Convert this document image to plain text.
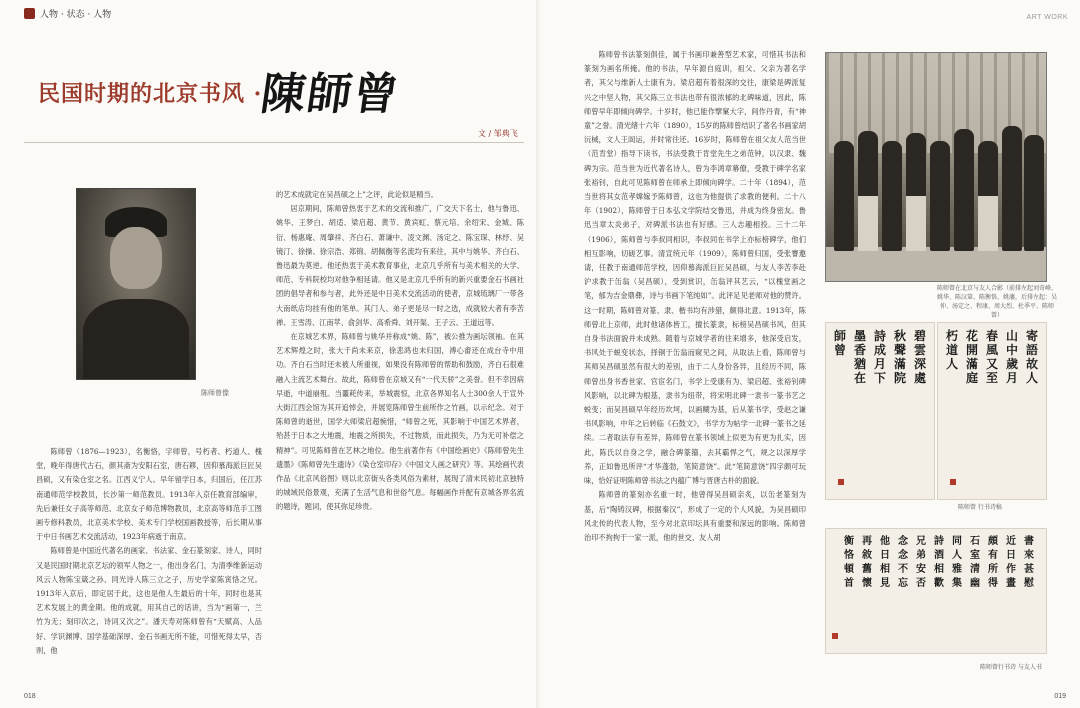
人物 · 状态 · 人物
民国时期的北京书风 ·
陳師曾
文 / 邹典飞
陈师曾像

陈师曾（1876—1923），名衡恪，字师曾，号朽者、朽道人、槐堂，晚年得唐代古石，颜其斋为安阳石室，唐石簃，因仰慕海派巨匠吴昌硕，又有染仓室之名。江西义宁人。早年留学日本，归国后，任江苏南通师范学校教员，长沙第一师范教员。1913年入京任教育部编审，先后兼任女子高等师范、北京女子师范博物教员，北京高等师范手工图画专修科教员，北京美术学校、美术专门学校国画教授等，后长期从事于中日书画艺术交流活动，1923年病逝于南京。

陈师曾是中国近代著名的画家、书法家、金石篆刻家、诗人，同时又是民国时期北京艺坛的领军人物之一，他出身名门，为清季维新运动风云人物陈宝箴之孙、同光诗人陈三立之子，历史学家陈寅恪之兄。1913年入京后，即定居于此，这也是他人生最后的十年，同时也是其艺术发展上的黄金期。他的成就，用其自己的话讲，当为“画第一，兰竹为无；刻印次之，诗词又次之”。潘天寿对陈师曾有“天赋高、人品好、学识渊博、国学基础深厚、金石书画无所不能，可惜死得太早，否则，他

的艺术成就定在吴昌硕之上”之评，此论似是精当。

居京期间，陈师曾热衷于艺术的交流和推广，广交天下名士，他与鲁迅、姚华、王梦白、胡适、梁启超、黄节、黄宾虹、蔡元培、余绍宋、金城、陈衍、杨惠庵、周肇祥、齐白石、萧谦中、凌文渊、汤定之、陈宝琛、林纾、吴镜汀、徐操、徐宗浩、郑锦、胡佩衡等名流均有来往，其中与姚华、齐白石、鲁迅最为莫逆。他还热衷于美术教育事业，北京几乎所有与美术相关的大学、师范、专科院校均对他争相延请。他又是北京几乎所有的新兴重要金石书画社团的倡导者和参与者，此外还是中日美术交流活动的使者，京城琉璃厂一带各大南纸店均挂有他的笔单。其门人、弟子更是尽一时之选，成就较大者有李苦禅、王雪涛、江南苹、俞剑华、高希舜、刘开渠、王子云、王道远等。

在京城艺术界，陈师曾与姚华并称成“姚、陈”，被公推为画坛领袖。在其艺术辉煌之时，张大千尚未来京，徐悲鸿也未归国，溥心畬还在成台寺中用功。齐白石当时还未被人所重视，如果没有陈师曾的帮助和鼓励，齐白石很难融入主流艺术舞台。故此，陈师曾在京城又有“一代天骄”之美誉。但不幸因病早逝，中道崩殂。当噩耗传来，举城震惊，北京各界知名人士300余人于宣外大街江西会馆为其开追悼会，并展览陈师曾生前所作之竹画，以示纪念。对于陈师曾的逝世，国学大师梁启超惋惜，“师曾之死，其影响于中国艺术界者，殆甚于日本之大地震，地震之所损失，不过物质，而此损失，乃为无可补偿之精神”。可见陈师曾在艺林之地位。他生前著作有《中国绘画史》《陈师曾先生遗墨》《陈师曾先生遗诗》《染仓室印存》《中国文人画之研究》等。其绘画代表作品《北京风俗图》则以北京街头各类风俗为素材，展现了清末民初北京独特的城域民俗景观，充满了生活气息和世俗气息。每幅画作并配有京城各界名流的题诗，题词，使其弥足珍贵。

018	019
ART WORK

陈师曾书法篆刻俱佳，属于书画印兼善型艺术家，可惜其书法和篆刻为画名所掩。他的书法，早年源自庭训，祖父、父亲为著名学者，其父与维新人士康有为、梁启超有着很深的交往，康梁是碑派复兴之中坚人物，其父陈三立书法也带有很浓郁的北碑味道，因此，陈师曾早年即倾向碑学。十岁时，他已能作擘窠大字，间作丹青，有“神童”之誉。清光绪十六年（1890），15岁的陈师曾结识了著名书画家胡沅棫，文人王闿运，并时常往还。16岁时，陈师曾在祖父友人范当世（范肯堂）指导下读书，书法受教于肯堂先生之弟范钟，以汉隶、魏碑为宗。范当世为近代著名诗人，曾为李鸿章幕僚，受教于碑学名家张裕钊，自此可见陈师曾在师承上即倾向碑学。二十年（1894），范当世将其女范孝嫦嫁予陈师曾，这也为他提供了求教的便利。二十八年（1902），陈师曾于日本弘文学院结交鲁迅，并成为终身密友。鲁迅当章太炎弟子，对碑派书法也有好感。三人志趣相投。三十二年（1906），陈师曾与李叔同相识，李叔同在书学上亦标榜碑学，他们相互影响，切磋艺事。清宣统元年（1909），陈师曾归国，受张謇邀请，任教于南通师范学校，因仰慕海派巨匠吴昌硕，与友人李苦李赴沪求教于缶翁（吴昌硕），受到赏识，缶翁评其艺云，“以槐堂画之笔，郁为吉金鼎彝，诗与书画下笔纯如”。此评足见老师对他的赞许。这一时期，陈师曾对篆、隶、楷书均有涉猎，颇得北意。1913年，陈师曾北上京师，此时他诸体皆工，擅长篆隶，标榜吴昌硕书风，但其自身书法面貌并未成熟。随着与京城学者的往来增多，他深受启发，书风处于蜕变状态，择铜于缶翁而窥见之间，从取法上看，陈师曾与其师吴昌硕虽然有很大的差别，由于二人身份各异，且经历不同，陈师曾出身书香世家、官宦名门，书学上受康有为、梁启超、张裕钊碑风影响，以北碑为根基，隶书为纽带，将宋明北碑一隶书一篆书艺之蜕变；而吴昌硕早年经历坎坷，以画糊为基，后从篆书学，受赵之谦书风影响，中年之后转临《石鼓文》，书学方为帖学一北碑一篆书之延续。二者取法存有差异，陈师曾在篆书领域上似更为有更为扎实，因此，陈氏以自身之学，融合碑篆籀，去其霸悍之气，规之以深厚学养，正如鲁迅所评“才华蓬勃，笔简意饶”。此“笔简意饶”四字颇可玩味，恰好证明陈师曾书法之内蕴广博与晋唐古朴的面貌。

陈师曾的篆刻亦名重一时，他曾得吴昌硕亲炙，以缶老篆刻为基，后“陶铸汉碑，根据秦汉”，形成了一定的个人风貌，为吴昌硕印风北传的代表人物，至今对北京印坛具有重要和深远的影响。陈师曾治印不拘拘于一家一派，他的世交、友人胡

陈师曾在北京与友人合影（前排左起刘奇峰、姚华、陈汉第、陈衡恪、姚藩，后排左起：吴仲、汤定之、程康、周大烈、杜季平、陈师曾）
碧雲深處
秋聲滿院
詩成月下
墨香猶在
師曾
寄語故人
山中歲月
春風又至
花開滿庭
朽道人
陈师曾 行书诗稿
書來甚慰
近日作畫
頗有所得
石室清幽
同人雅集
詩酒相歡
兄弟安否
念念不忘
他日相見
再敘舊懷
衡恪頓首
陈师曾行书诗 与友人书
